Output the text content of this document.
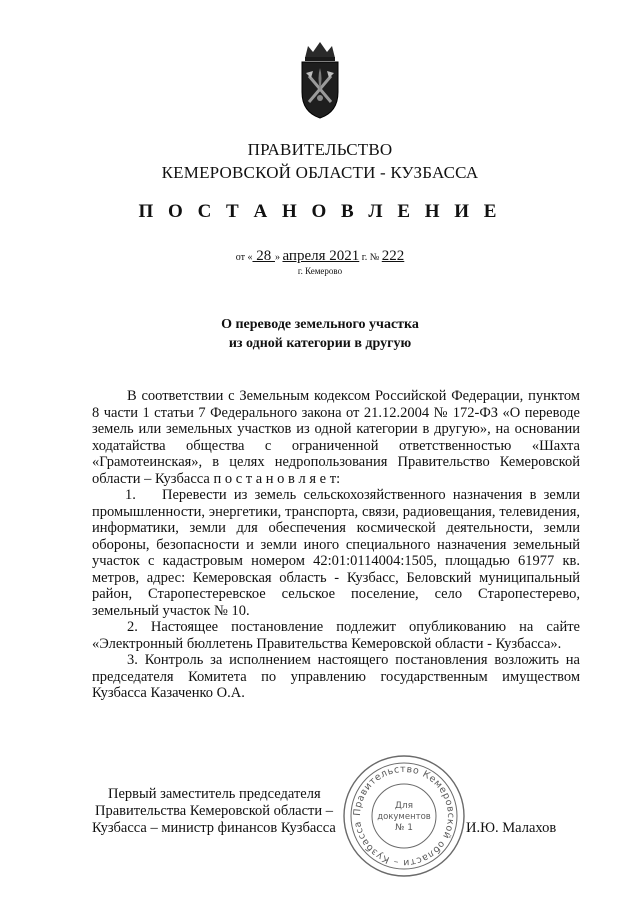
ПРАВИТЕЛЬСТВО
КЕМЕРОВСКОЙ ОБЛАСТИ - КУЗБАССА
П О С Т А Н О В Л Е Н И Е
от « 28 » апреля 2021 г. № 222
г. Кемерово
О переводе земельного участка
из одной категории в другую

В соответствии с Земельным кодексом Российской Федерации, пунктом 8 части 1 статьи 7 Федерального закона от 21.12.2004 № 172-ФЗ «О переводе земель или земельных участков из одной категории в другую», на основании ходатайства общества с ограниченной ответственностью «Шахта «Грамотеинская», в целях недропользования Правительство Кемеровской области – Кузбасса п о с т а н о в л я е т:

1. Перевести из земель сельскохозяйственного назначения в земли промышленности, энергетики, транспорта, связи, радиовещания, телевидения, информатики, земли для обеспечения космической деятельности, земли обороны, безопасности и земли иного специального назначения земельный участок с кадастровым номером 42:01:0114004:1505, площадью 61977 кв. метров, адрес: Кемеровская область - Кузбасс, Беловский муниципальный район, Старопестеревское сельское поселение, село Старопестерево, земельный участок № 10.

2. Настоящее постановление подлежит опубликованию на сайте «Электронный бюллетень Правительства Кемеровской области - Кузбасса».

3. Контроль за исполнением настоящего постановления возложить на председателя Комитета по управлению государственным имуществом Кузбасса Казаченко О.А.

Первый заместитель председателя
Правительства Кемеровской области –
Кузбасса – министр финансов Кузбасса	И.Ю. Малахов
Правительство Кемеровской области – Кузбасса
Для
документов
№ 1
